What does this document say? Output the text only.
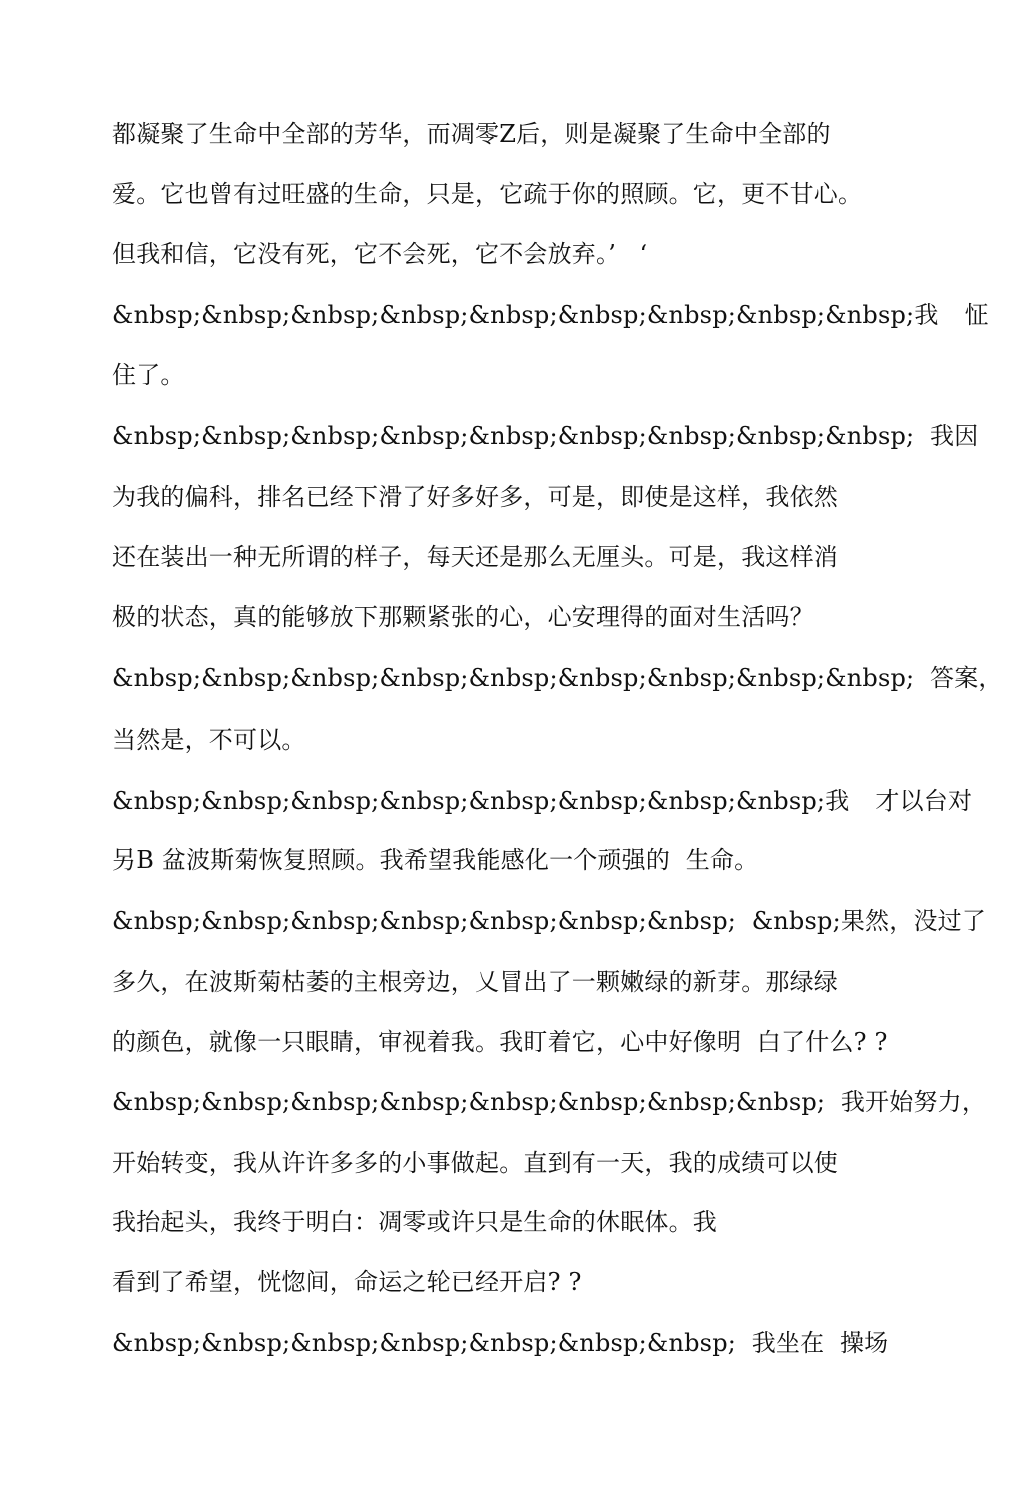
都凝聚了生命中全部的芳华，而凋零Z后，则是凝聚了生命中全部的
爱。它也曾有过旺盛的生命，只是，它疏于你的照顾。它，更不甘心。
但我和信，它没有死，它不会死，它不会放弃。’   ‘
&nbsp;&nbsp;&nbsp;&nbsp;&nbsp;&nbsp;&nbsp;&nbsp;&nbsp; 我 怔
住了。
&nbsp;&nbsp;&nbsp;&nbsp;&nbsp;&nbsp;&nbsp;&nbsp;&nbsp;  我因
为我的偏科，排名已经下滑了好多好多，可是，即使是这样，我依然
还在装出一种无所谓的样子，每天还是那么无厘头。可是，我这样消
极的状态，真的能够放下那颗紧张的心，心安理得的面对生活吗？
&nbsp;&nbsp;&nbsp;&nbsp;&nbsp;&nbsp;&nbsp;&nbsp;&nbsp;  答案，
当然是，不可以。
&nbsp;&nbsp;&nbsp;&nbsp;&nbsp;&nbsp;&nbsp;&nbsp; 我 才以台对
另B 盆波斯菊恢复照顾。我希望我能感化一个顽强的  生命。
&nbsp;&nbsp;&nbsp;&nbsp;&nbsp;&nbsp;&nbsp;  &nbsp;果然，没过了
多久，在波斯菊枯萎的主根旁边，乂冒出了一颗嫩绿的新芽。那绿绿
的颜色，就像一只眼睛，审视着我。我盯着它，心中好像明  白了什么? ?
&nbsp;&nbsp;&nbsp;&nbsp;&nbsp;&nbsp;&nbsp;&nbsp;  我开始努力，
开始转变，我从许许多多的小事做起。直到有一天，我的成绩可以使
我抬起头，我终于明白：凋零或许只是生命的休眠体。我
看到了希望，恍惚间，命运之轮已经开启? ?
&nbsp;&nbsp;&nbsp;&nbsp;&nbsp;&nbsp;&nbsp;  我坐在  操场
